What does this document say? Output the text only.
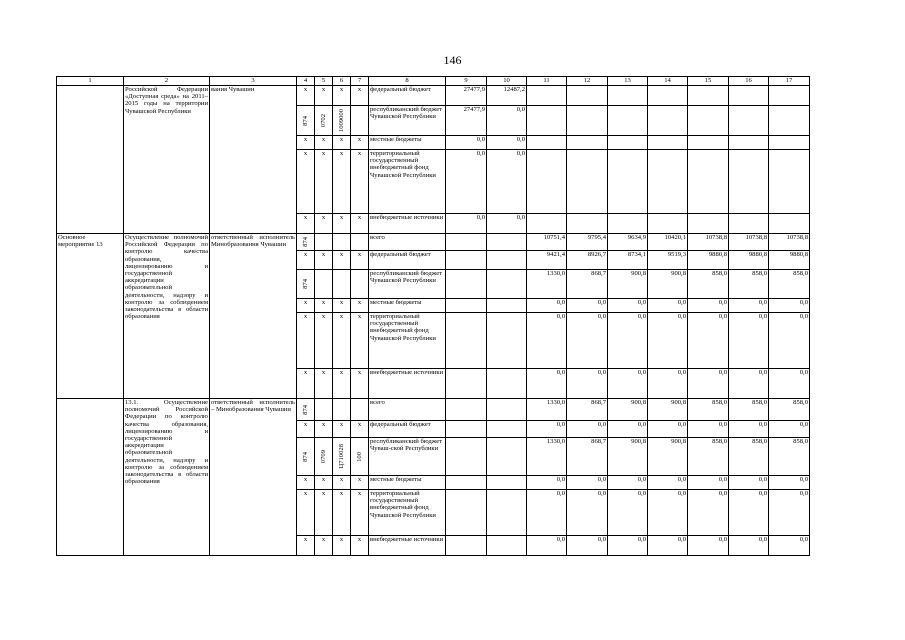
146
1	2	3	4	5	6	7	8	9	10	11	12	13	14	15	16	17
	Российской Федерации «Доступная среда» на 2011–2015 годы на территории Чувашской Республики	вания Чувашии	x	x	x	x	федеральный бюджет	27477,9	12487,2							

			874	0702	1009000		республиканский бюджет Чувашской Республики	27477,9	0,0							
			x	x	x	x	местные бюджеты	0,0	0,0							
			x	x	x	x	территориальный государственный внебюджетный фонд Чувашской Республики	0,0	0,0							
			x	x	x	x	внебюджетные источники	0,0	0,0							
Основное мероприятие 13	Осуществление полномочий Российской Федерации по контролю качества образования, лицензированию и государственной аккредитации образовательной деятельности, надзору и контролю за соблюдением законодательства в области образования	ответственный исполнитель Минобразования Чувашии	874				всего			10751,4	9795,4	9634,9	10420,1	10738,8	10738,8	10738,8
			x	x	x	x	федеральный бюджет			9421,4	8926,7	8734,1	9519,3	9880,8	9880,8	9880,8

			874				республиканский бюджет Чувашской Республики			1330,0	868,7	900,8	900,8	858,0	858,0	858,0
			x	x	x	x	местные бюджеты			0,0	0,0	0,0	0,0	0,0	0,0	0,0
			x	x	x	x	территориальный государственный внебюджетный фонд Чувашской Республики			0,0	0,0	0,0	0,0	0,0	0,0	0,0
			x	x	x	x	внебюджетные источники			0,0	0,0	0,0	0,0	0,0	0,0	0,0
	13.1. Осуществление полномочий Российской Федерации по контролю качества образования, лицензированию и государственной аккредитации образовательной деятельности, надзору и контролю за соблюдением законодательства в области образования	ответственный исполнитель – Минобразования Чувашии	874				всего			1330,0	868,7	900,8	900,8	858,0	858,0	858,0
			x	x	x	x	федеральный бюджет			0,0	0,0	0,0	0,0	0,0	0,0	0,0

			874	0709	Ц710028	100	республиканский бюджет Чуваш-ской Республики			1330,0	868,7	900,8	900,8	858,0	858,0	858,0
			x	x	x	x	местные бюджеты			0,0	0,0	0,0	0,0	0,0	0,0	0,0
			x	x	x	x	территориальный государственный внебюджетный фонд Чувашской Республики			0,0	0,0	0,0	0,0	0,0	0,0	0,0
			x	x	x	x	внебюджетные источники			0,0	0,0	0,0	0,0	0,0	0,0	0,0
